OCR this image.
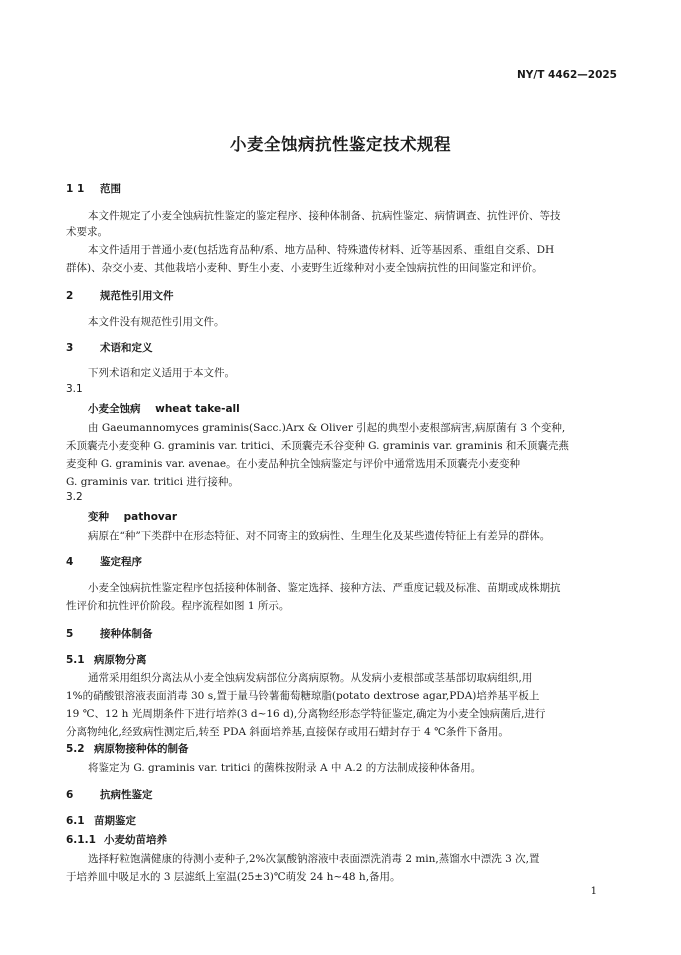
NY/T 4462—2025
小麦全蚀病抗性鉴定技术规程
1 1 范围
本文件规定了小麦全蚀病抗性鉴定的鉴定程序、接种体制备、抗病性鉴定、病情调查、抗性评价、等技
术要求。
本文件适用于普通小麦(包括选育品种/系、地方品种、特殊遗传材料、近等基因系、重组自交系、DH
群体)、杂交小麦、其他栽培小麦种、野生小麦、小麦野生近缘种对小麦全蚀病抗性的田间鉴定和评价。
2	规范性引用文件
本文件没有规范性引用文件。
3	术语和定义
下列术语和定义适用于本文件。
3.1
小麦全蚀病    wheat take-all
由 Gaeumannomyces graminis(Sacc.)Arx & Oliver 引起的典型小麦根部病害,病原菌有 3 个变种,
禾顶囊壳小麦变种 G. graminis var. tritici、禾顶囊壳禾谷变种 G. graminis var. graminis 和禾顶囊壳燕
麦变种 G. graminis var. avenae。在小麦品种抗全蚀病鉴定与评价中通常选用禾顶囊壳小麦变种
G. graminis var. tritici 进行接种。
3.2
变种    pathovar
病原在“种”下类群中在形态特征、对不同寄主的致病性、生理生化及某些遗传特征上有差异的群体。
4	鉴定程序
小麦全蚀病抗性鉴定程序包括接种体制备、鉴定选择、接种方法、严重度记载及标准、苗期或成株期抗
性评价和抗性评价阶段。程序流程如图 1 所示。
5	接种体制备
5.1 病原物分离
通常采用组织分离法从小麦全蚀病发病部位分离病原物。从发病小麦根部或茎基部切取病组织,用
1%的硝酸银溶液表面消毒 30 s,置于量马铃薯葡萄糖琼脂(potato dextrose agar,PDA)培养基平板上
19 ℃、12 h 光周期条件下进行培养(3 d~16 d),分离物经形态学特征鉴定,确定为小麦全蚀病菌后,进行
分离物纯化,经致病性测定后,转至 PDA 斜面培养基,直接保存或用石蜡封存于 4 ℃条件下备用。
5.2 病原物接种体的制备
将鉴定为 G. graminis var. tritici 的菌株按附录 A 中 A.2 的方法制成接种体备用。
6	抗病性鉴定
6.1 苗期鉴定
6.1.1 小麦幼苗培养
选择籽粒饱满健康的待测小麦种子,2%次氯酸钠溶液中表面漂洗消毒 2 min,蒸馏水中漂洗 3 次,置
于培养皿中吸足水的 3 层滤纸上室温(25±3)℃萌发 24 h~48 h,备用。
1
